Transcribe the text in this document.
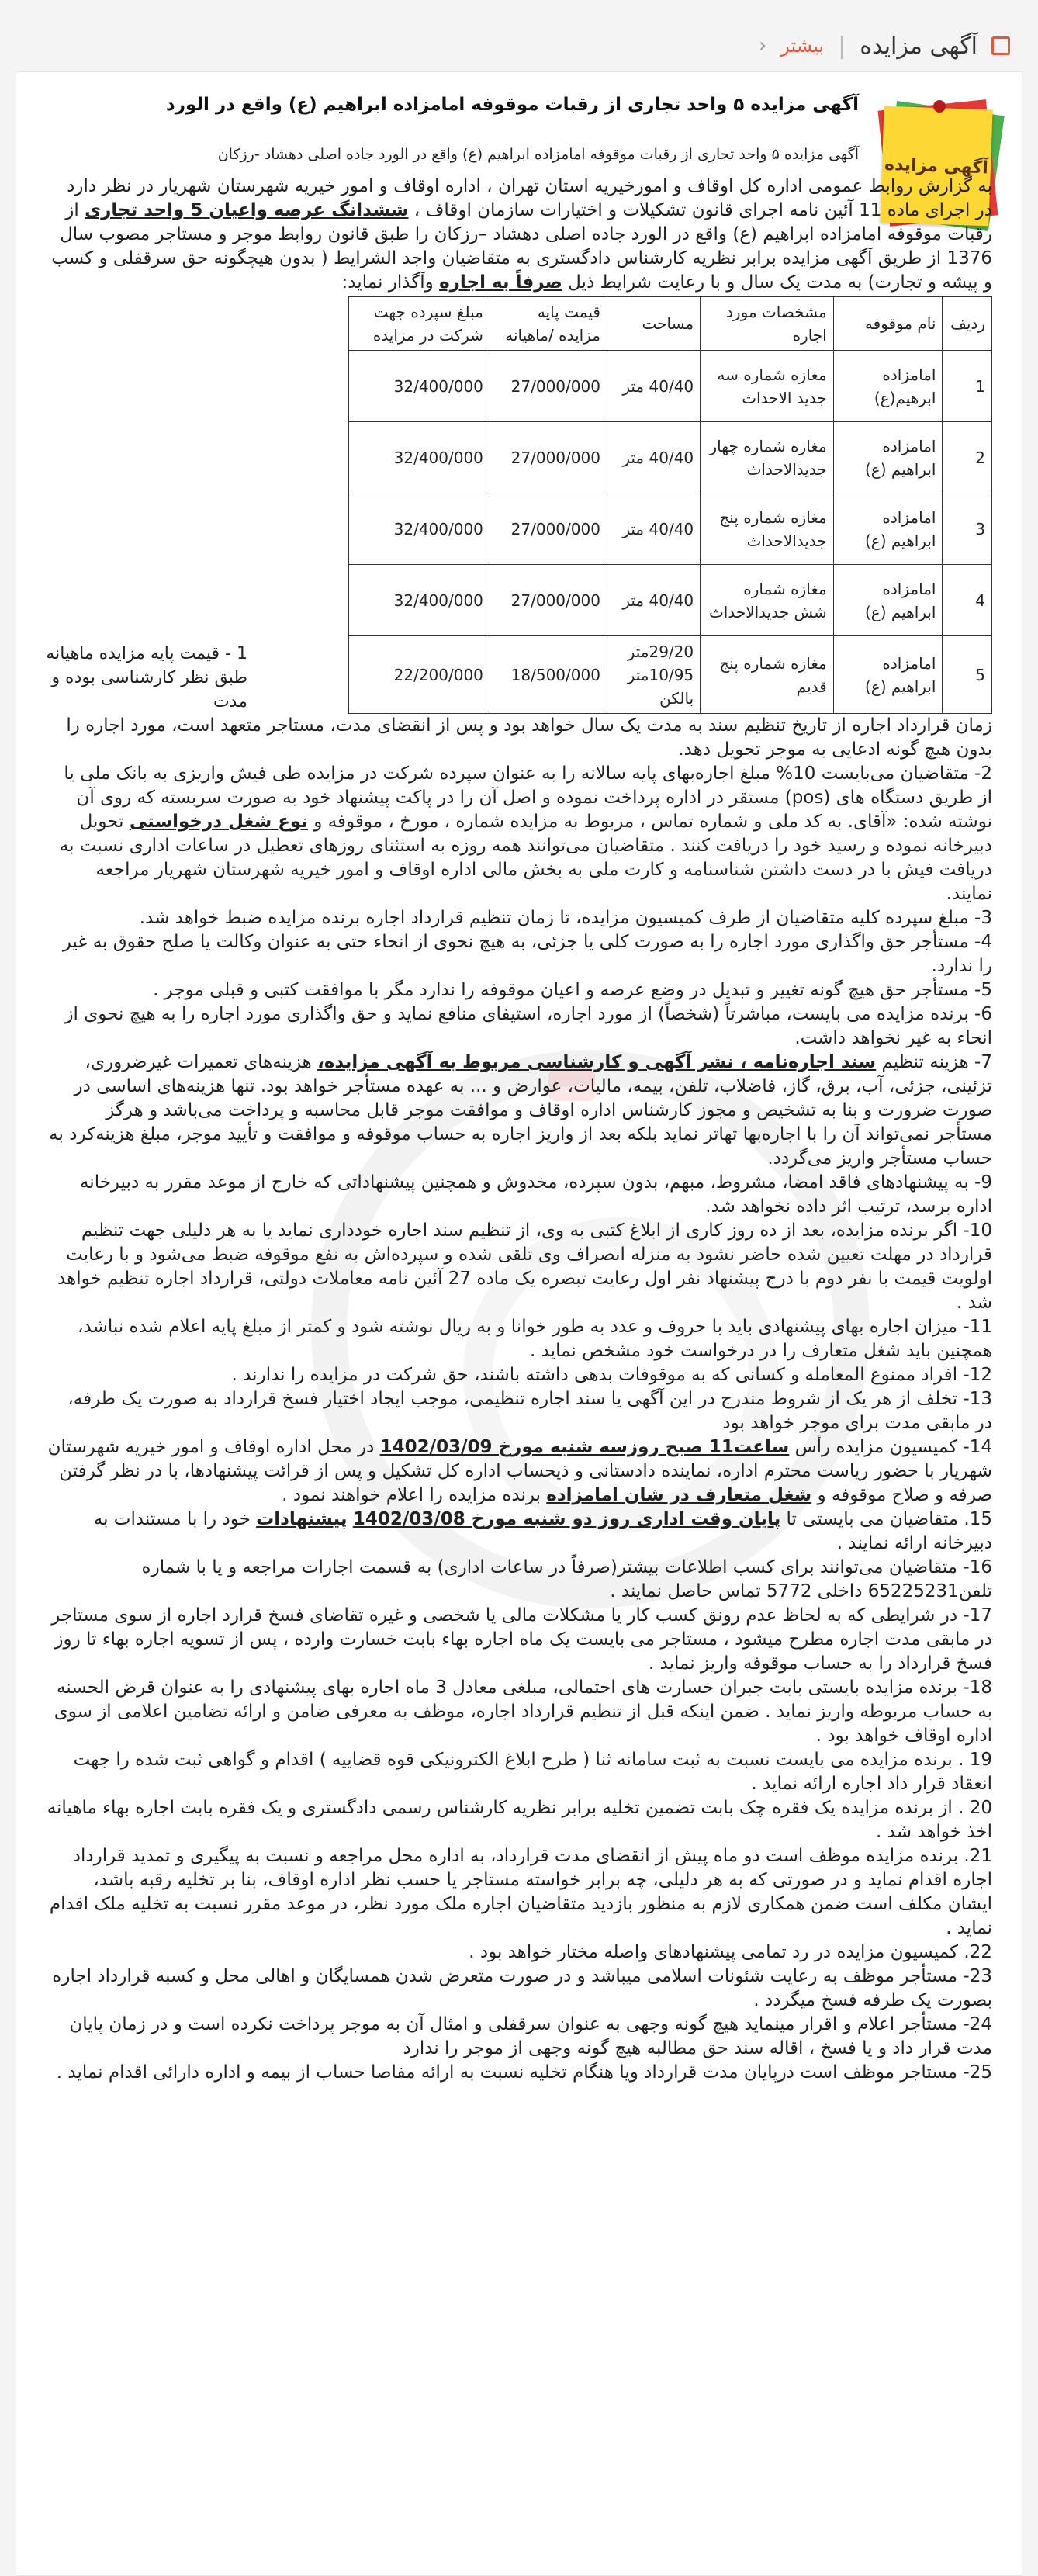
آگهی مزایده
|
بیشتر
‹
آگهی مزایده
آگهی مزایده ۵ واحد تجاری از رقبات موقوفه امامزاده ابراهیم (ع) واقع در الورد
آگهی مزایده ۵ واحد تجاری از رقبات موقوفه امامزاده ابراهیم (ع) واقع در الورد جاده اصلی دهشاد -رزکان

به گزارش روابط عمومی اداره کل اوقاف و امورخیریه استان تهران ، اداره اوقاف و امور خیریه شهرستان شهریار در نظر دارد در اجرای ماده 11 آئین نامه اجرای قانون تشکیلات و اختیارات سازمان اوقاف ، ششدانگ عرصه واعیان 5 واحد تجاری از رقبات موقوفه امامزاده ابراهیم (ع) واقع در الورد جاده اصلی دهشاد –رزکان را طبق قانون روابط موجر و مستاجر مصوب سال 1376 از طریق آگهی مزایده برابر نظریه کارشناس دادگستری به متقاضیان واجد الشرایط ( بدون هیچگونه حق سرقفلی و کسب و پیشه و تجارت) به مدت یک سال و با رعایت شرایط ذیل صرفاً به اجاره وآگذار نماید:

ردیف	نام موقوفه	مشخصات مورد اجاره	مساحت	قیمت پایه مزایده /ماهیانه	مبلغ سپرده جهت شرکت در مزایده
1	امامزاده ابرهیم(ع)	مغازه شماره سه جدید الاحداث	40/40 متر	27/000/000	32/400/000
2	امامزاده ابراهیم (ع)	مغازه شماره چهار جدیدالاحداث	40/40 متر	27/000/000	32/400/000
3	امامزاده ابراهیم (ع)	مغازه شماره پنج جدیدالاحداث	40/40 متر	27/000/000	32/400/000
4	امامزاده ابراهیم (ع)	مغازه شماره شش جدیدالاحداث	40/40 متر	27/000/000	32/400/000
5	امامزاده ابراهیم (ع)	مغازه شماره پنج قدیم	29/20متر 10/95متر بالکن	18/500/000	22/200/000
1 - قیمت پایه مزایده ماهیانه طبق نظر کارشناسی بوده و مدت

زمان قرارداد اجاره از تاریخ تنظیم سند به مدت یک سال خواهد بود و پس از انقضای مدت، مستاجر متعهد است، مورد اجاره را بدون هیچ گونه ادعایی به موجر تحویل دهد.

2- متقاضیان می‌بایست 10% مبلغ اجاره‌بهای پایه سالانه را به عنوان سپرده شرکت در مزایده طی فیش واریزی به بانک ملی یا از طریق دستگاه های (pos) مستقر در اداره پرداخت نموده و اصل آن را در پاکت پیشنهاد خود به صورت سربسته که روی آن نوشته شده: «آقای. به کد ملی و شماره تماس ، مربوط به مزایده شماره ، مورخ ، موقوفه و نوع شغل درخواستی تحویل دبیرخانه نموده و رسید خود را دریافت کنند . متقاضیان می‌توانند همه روزه به استثنای روزهای تعطیل در ساعات اداری نسبت به دریافت فیش با در دست داشتن شناسنامه و کارت ملی به بخش مالی اداره اوقاف و امور خیریه شهرستان شهریار مراجعه نمایند.

3- مبلغ سپرده کلیه متقاضیان از طرف کمیسیون مزایده، تا زمان تنظیم قرارداد اجاره برنده مزایده ضبط خواهد شد.

4- مستأجر حق واگذاری مورد اجاره را به صورت کلی یا جزئی، به هیچ نحوی از انحاء حتی به عنوان وکالت یا صلح حقوق به غیر را ندارد.

5- مستأجر حق هیچ گونه تغییر و تبدیل در وضع عرصه و اعیان موقوفه را ندارد مگر با موافقت کتبی و قبلی موجر .

6- برنده مزایده می بایست، مباشرتاً (شخصاً) از مورد اجاره، استیفای منافع نماید و حق واگذاری مورد اجاره را به هیچ نحوی از انحاء به غیر نخواهد داشت.

7- هزینه تنظیم سند اجاره‌نامه ، نشر آگهی و کارشناسی مربوط به آگهی مزایده، هزینه‌های تعمیرات غیرضروری، تزئینی، جزئی، آب، برق، گاز، فاضلاب، تلفن، بیمه، مالیات، عوارض و ... به عهده مستأجر خواهد بود. تنها هزینه‌های اساسی در صورت ضرورت و بنا به تشخیص و مجوز کارشناس اداره اوقاف و موافقت موجر قابل محاسبه و پرداخت می‌باشد و هرگز مستأجر نمی‌تواند آن را با اجاره‌بها تهاتر نماید بلکه بعد از واریز اجاره به حساب موقوفه و موافقت و تأیید موجر، مبلغ هزینه‌کرد به حساب مستأجر واریز می‌گردد.

9- به پیشنهادهای فاقد امضا، مشروط، مبهم، بدون سپرده، مخدوش و همچنین پیشنهاداتی که خارج از موعد مقرر به دبیرخانه اداره برسد، ترتیب اثر داده نخواهد شد.

10- اگر برنده مزایده، بعد از ده روز کاری از ابلاغ کتبی به وی، از تنظیم سند اجاره خودداری نماید یا به هر دلیلی جهت تنظیم قرارداد در مهلت تعیین شده حاضر نشود به منزله انصراف وی تلقی شده و سپرده‌اش به نفع موقوفه ضبط می‌شود و با رعایت اولویت قیمت با نفر دوم با درج پیشنهاد نفر اول رعایت تبصره یک ماده 27 آئین نامه معاملات دولتی، قرارداد اجاره تنظیم خواهد شد .

11- میزان اجاره بهای پیشنهادی باید با حروف و عدد به طور خوانا و به ریال نوشته شود و کمتر از مبلغ پایه اعلام شده نباشد، همچنین باید شغل متعارف را در درخواست خود مشخص نماید .

12- افراد ممنوع المعامله و کسانی که به موقوفات بدهی داشته باشند، حق شرکت در مزایده را ندارند .

13- تخلف از هر یک از شروط مندرج در این آگهی یا سند اجاره تنظیمی، موجب ایجاد اختیار فسخ قرارداد به صورت یک طرفه، در مابقی مدت برای موجر خواهد بود

14- کمیسیون مزایده رأس ساعت11 صبح روزسه شنبه مورخ 1402/03/09 در محل اداره اوقاف و امور خیریه شهرستان شهریار با حضور ریاست محترم اداره، نماینده دادستانی و ذیحساب اداره کل تشکیل و پس از قرائت پیشنهادها، با در نظر گرفتن صرفه و صلاح موقوفه و شغل متعارف در شان امامزاده برنده مزایده را اعلام خواهند نمود .

15. متقاضیان می بایستی تا پایان وقت اداری روز دو شنبه مورخ 1402/03/08 پیشنهادات خود را با مستندات به دبیرخانه ارائه نمایند .

16- متقاضیان می‌توانند برای کسب اطلاعات بیشتر(صرفاً در ساعات اداری) به قسمت اجارات مراجعه و یا با شماره تلفن65225231 داخلی 5772 تماس حاصل نمایند .

17- در شرایطی که به لحاظ عدم رونق کسب کار یا مشکلات مالی یا شخصی و غیره تقاضای فسخ قرارد اجاره از سوی مستاجر در مابقی مدت اجاره مطرح میشود ، مستاجر می بایست یک ماه اجاره بهاء بابت خسارت وارده ، پس از تسویه اجاره بهاء تا روز فسخ قرارداد را به حساب موقوفه واریز نماید .

18- برنده مزایده بایستی بابت جبران خسارت های احتمالی، مبلغی معادل 3 ماه اجاره بهای پیشنهادی را به عنوان قرض الحسنه به حساب مربوطه واریز نماید . ضمن اینکه قبل از تنظیم قرارداد اجاره، موظف به معرفی ضامن و ارائه تضامین اعلامی از سوی اداره اوقاف خواهد بود .

19 . برنده مزایده می بایست نسبت به ثبت سامانه ثنا ( طرح ابلاغ الکترونیکی قوه قضاییه ) اقدام و گواهی ثبت شده را جهت انعقاد قرار داد اجاره ارائه نماید .

20 . از برنده مزایده یک فقره چک بابت تضمین تخلیه برابر نظریه کارشناس رسمی دادگستری و یک فقره بابت اجاره بهاء ماهیانه اخذ خواهد شد .

21. برنده مزایده موظف است دو ماه پیش از انقضای مدت قرارداد، به اداره محل مراجعه و نسبت به پیگیری و تمدید قرارداد اجاره اقدام نماید و در صورتی که به هر دلیلی، چه برابر خواسته مستاجر یا حسب نظر اداره اوقاف، بنا بر تخلیه رقبه باشد، ایشان مکلف است ضمن همکاری لازم به منظور بازدید متقاضیان اجاره ملک مورد نظر، در موعد مقرر نسبت به تخلیه ملک اقدام نماید .

22. کمیسیون مزایده در رد تمامی پیشنهادهای واصله مختار خواهد بود .

23- مستأجر موظف به رعایت شئونات اسلامی میباشد و در صورت متعرض شدن همسایگان و اهالی محل و کسبه قرارداد اجاره بصورت یک طرفه فسخ میگردد .

24- مستأجر اعلام و اقرار مینماید هیچ گونه وجهی به عنوان سرقفلی و امثال آن به موجر پرداخت نکرده است و در زمان پایان مدت قرار داد و یا فسخ ، اقاله سند حق مطالبه هیچ گونه وجهی از موجر را ندارد

25- مستاجر موظف است درپایان مدت قرارداد ویا هنگام تخلیه نسبت به ارائه مفاصا حساب از بیمه و اداره دارائی اقدام نماید .
